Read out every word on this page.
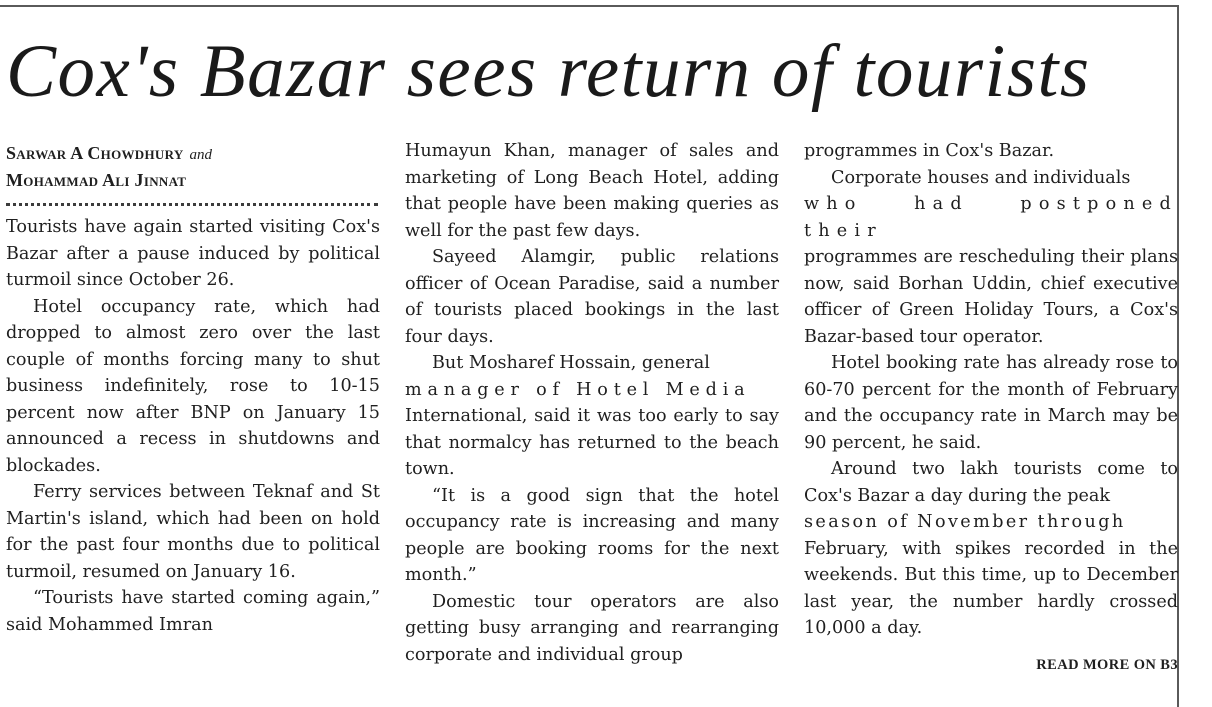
Cox's Bazar sees return of tourists
Sarwar A Chowdhury and
Mohammad Ali Jinnat

Tourists have again started visiting Cox's Bazar after a pause induced by political turmoil since October 26.

Hotel occupancy rate, which had dropped to almost zero over the last couple of months forcing many to shut business indefinitely, rose to 10-15 percent now after BNP on January 15 announced a recess in shutdowns and blockades.

Ferry services between Teknaf and St Martin's island, which had been on hold for the past four months due to political turmoil, resumed on January 16.

“Tourists have started coming again,” said Mohammed Imran

Humayun Khan, manager of sales and marketing of Long Beach Hotel, adding that people have been making queries as well for the past few days.

Sayeed Alamgir, public relations officer of Ocean Paradise, said a number of tourists placed bookings in the last four days.

But Mosharef Hossain, general
manager of Hotel Media
International, said it was too early to say that normalcy has returned to the beach town.

“It is a good sign that the hotel occupancy rate is increasing and many people are booking rooms for the next month.”

Domestic tour operators are also getting busy arranging and rearranging corporate and individual group

programmes in Cox's Bazar.

Corporate houses and individuals
who had postponed their
programmes are rescheduling their plans now, said Borhan Uddin, chief executive officer of Green Holiday Tours, a Cox's Bazar-based tour operator.

Hotel booking rate has already rose to 60-70 percent for the month of February and the occupancy rate in March may be 90 percent, he said.

Around two lakh tourists come to Cox's Bazar a day during the peak
season of November through
February, with spikes recorded in the weekends. But this time, up to December last year, the number hardly crossed 10,000 a day.

READ MORE ON B3
